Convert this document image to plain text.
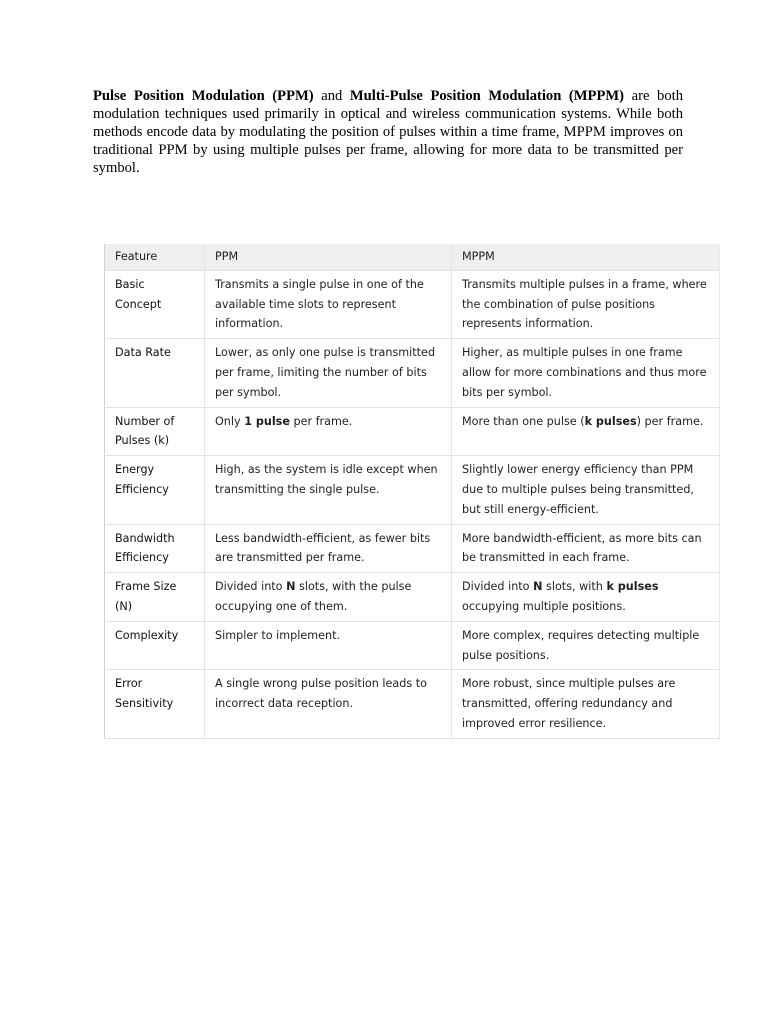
Pulse Position Modulation (PPM) and Multi-Pulse Position Modulation (MPPM) are both modulation techniques used primarily in optical and wireless communication systems. While both methods encode data by modulating the position of pulses within a time frame, MPPM improves on traditional PPM by using multiple pulses per frame, allowing for more data to be transmitted per symbol.

Feature	PPM	MPPM
Basic Concept	Transmits a single pulse in one of the available time slots to represent information.	Transmits multiple pulses in a frame, where the combination of pulse positions represents information.
Data Rate	Lower, as only one pulse is transmitted per frame, limiting the number of bits per symbol.	Higher, as multiple pulses in one frame allow for more combinations and thus more bits per symbol.
Number of Pulses (k)	Only 1 pulse per frame.	More than one pulse (k pulses) per frame.
Energy Efficiency	High, as the system is idle except when transmitting the single pulse.	Slightly lower energy efficiency than PPM due to multiple pulses being transmitted, but still energy-efficient.
Bandwidth Efficiency	Less bandwidth-efficient, as fewer bits are transmitted per frame.	More bandwidth-efficient, as more bits can be transmitted in each frame.
Frame Size (N)	Divided into N slots, with the pulse occupying one of them.	Divided into N slots, with k pulses occupying multiple positions.
Complexity	Simpler to implement.	More complex, requires detecting multiple pulse positions.
Error Sensitivity	A single wrong pulse position leads to incorrect data reception.	More robust, since multiple pulses are transmitted, offering redundancy and improved error resilience.
